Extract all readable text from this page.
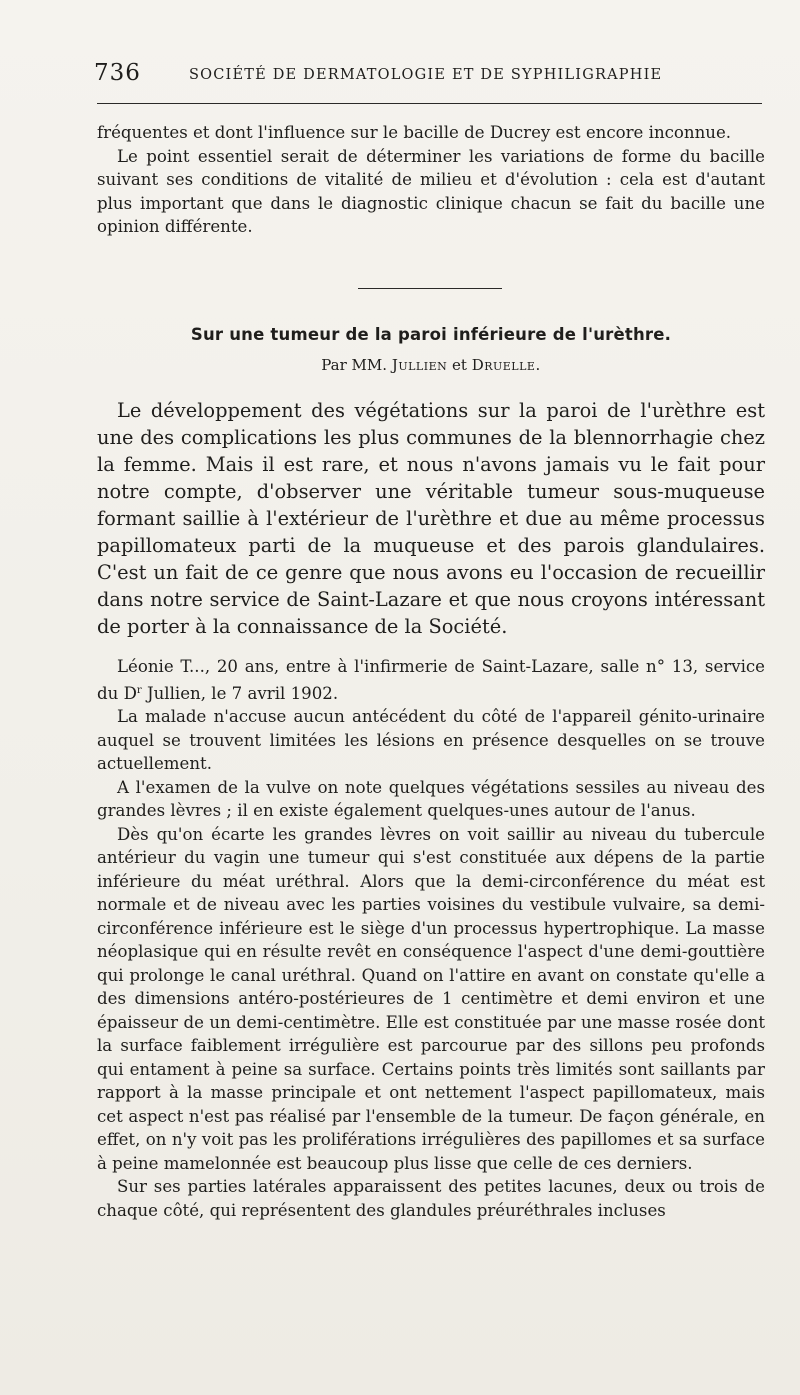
736	SOCIÉTÉ DE DERMATOLOGIE ET DE SYPHILIGRAPHIE

fréquentes et dont l'influence sur le bacille de Ducrey est encore inconnue.

Le point essentiel serait de déterminer les variations de forme du bacille suivant ses conditions de vitalité de milieu et d'évolution : cela est d'autant plus important que dans le diagnostic clinique chacun se fait du bacille une opinion différente.

Sur une tumeur de la paroi inférieure de l'urèthre.
Par MM. Jullien et Druelle.

Le développement des végétations sur la paroi de l'urèthre est une des complications les plus communes de la blennorrhagie chez la femme. Mais il est rare, et nous n'avons jamais vu le fait pour notre compte, d'observer une véritable tumeur sous-muqueuse formant saillie à l'extérieur de l'urèthre et due au même processus papillomateux parti de la muqueuse et des parois glandulaires. C'est un fait de ce genre que nous avons eu l'occasion de recueillir dans notre service de Saint-Lazare et que nous croyons intéressant de porter à la connaissance de la Société.

Léonie T..., 20 ans, entre à l'infirmerie de Saint-Lazare, salle n° 13, service du $D^r$ Jullien, le 7 avril 1902.

La malade n'accuse aucun antécédent du côté de l'appareil génito-urinaire auquel se trouvent limitées les lésions en présence desquelles on se trouve actuellement.

A l'examen de la vulve on note quelques végétations sessiles au niveau des grandes lèvres ; il en existe également quelques-unes autour de l'anus.

Dès qu'on écarte les grandes lèvres on voit saillir au niveau du tubercule antérieur du vagin une tumeur qui s'est constituée aux dépens de la partie inférieure du méat uréthral. Alors que la demi-circonférence du méat est normale et de niveau avec les parties voisines du vestibule vulvaire, sa demi-circonférence inférieure est le siège d'un processus hypertrophique. La masse néoplasique qui en résulte revêt en conséquence l'aspect d'une demi-gouttière qui prolonge le canal uréthral. Quand on l'attire en avant on constate qu'elle a des dimensions antéro-postérieures de 1 centimètre et demi environ et une épaisseur de un demi-centimètre. Elle est constituée par une masse rosée dont la surface faiblement irrégulière est parcourue par des sillons peu profonds qui entament à peine sa surface. Certains points très limités sont saillants par rapport à la masse principale et ont nettement l'aspect papillomateux, mais cet aspect n'est pas réalisé par l'ensemble de la tumeur. De façon générale, en effet, on n'y voit pas les proliférations irrégulières des papillomes et sa surface à peine mamelonnée est beaucoup plus lisse que celle de ces derniers.

Sur ses parties latérales apparaissent des petites lacunes, deux ou trois de chaque côté, qui représentent des glandules préuréthrales incluses
